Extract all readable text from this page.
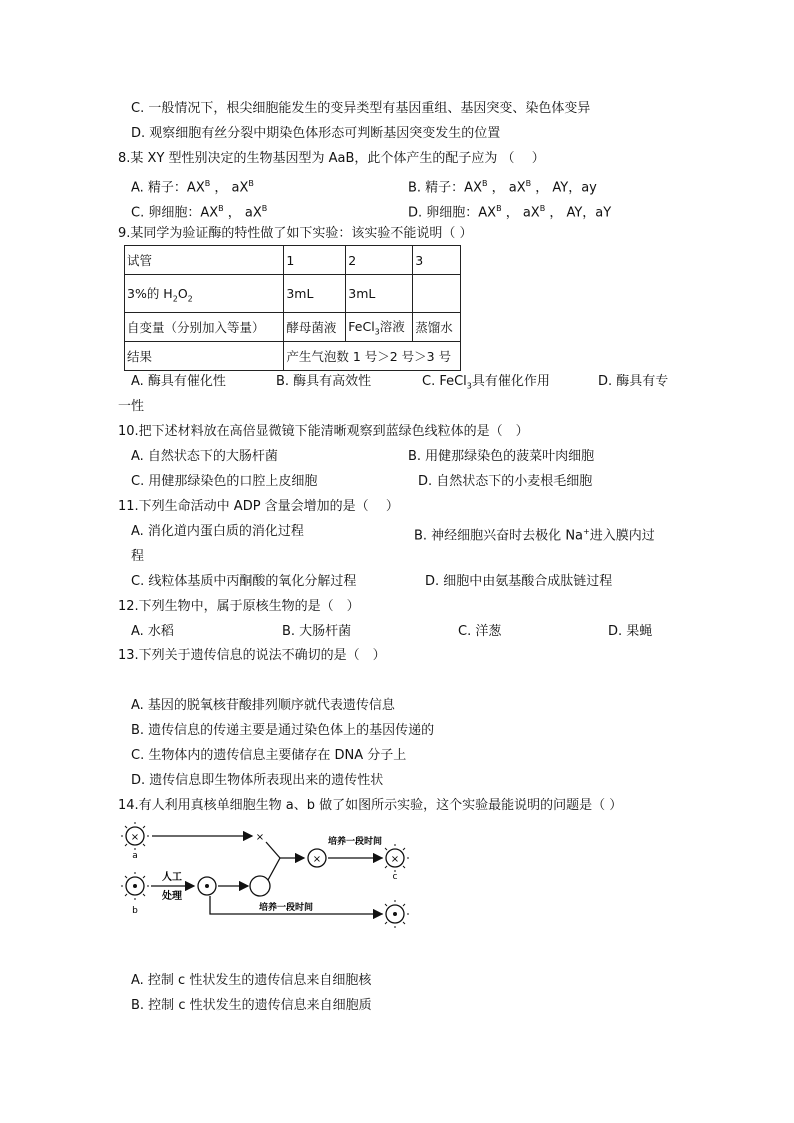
C. 一般情况下，根尖细胞能发生的变异类型有基因重组、基因突变、染色体变异
D. 观察细胞有丝分裂中期染色体形态可判断基因突变发生的位置
8.某 XY 型性别决定的生物基因型为 AaB，此个体产生的配子应为 （　 ）
A. 精子：$AX^B$ ， $aX^B$	B. 精子：$AX^B$ ， $aX^B$ ， AY，ay
C. 卵细胞：$AX^B$ ， $aX^B$	D. 卵细胞：$AX^B$ ， $aX^B$ ， AY，aY
9.某同学为验证酶的特性做了如下实验：该实验不能说明（ ）
试管	1	2	3
3%的 $H_2O_2$	3mL	3mL	
自变量（分别加入等量）	酵母菌液	FeCl$_3$溶液	蒸馏水
结果	产生气泡数 1 号＞2 号＞3 号		
A. 酶具有催化性	B. 酶具有高效性	C. FeCl$_3$具有催化作用	D. 酶具有专
一性
10.把下述材料放在高倍显微镜下能清晰观察到蓝绿色线粒体的是（　）
A. 自然状态下的大肠杆菌	B. 用健那绿染色的菠菜叶肉细胞
C. 用健那绿染色的口腔上皮细胞	D. 自然状态下的小麦根毛细胞
11.下列生命活动中 ADP 含量会增加的是（　 ）
A. 消化道内蛋白质的消化过程	B. 神经细胞兴奋时去极化 Na+进入膜内过
程
C. 线粒体基质中丙酮酸的氧化分解过程	D. 细胞中由氨基酸合成肽链过程
12.下列生物中，属于原核生物的是（　）
A. 水稻	B. 大肠杆菌	C. 洋葱	D. 果蝇
13.下列关于遗传信息的说法不确切的是（　）
A. 基因的脱氧核苷酸排列顺序就代表遗传信息
B. 遗传信息的传递主要是通过染色体上的基因传递的
C. 生物体内的遗传信息主要储存在 DNA 分子上
D. 遗传信息即生物体所表现出来的遗传性状
14.有人利用真核单细胞生物 a、b 做了如图所示实验，这个实验最能说明的问题是（ ）
×
a
×
×
培养一段时间
×
c
b
人工
处理
培养一段时间
A. 控制 c 性状发生的遗传信息来自细胞核
B. 控制 c 性状发生的遗传信息来自细胞质
